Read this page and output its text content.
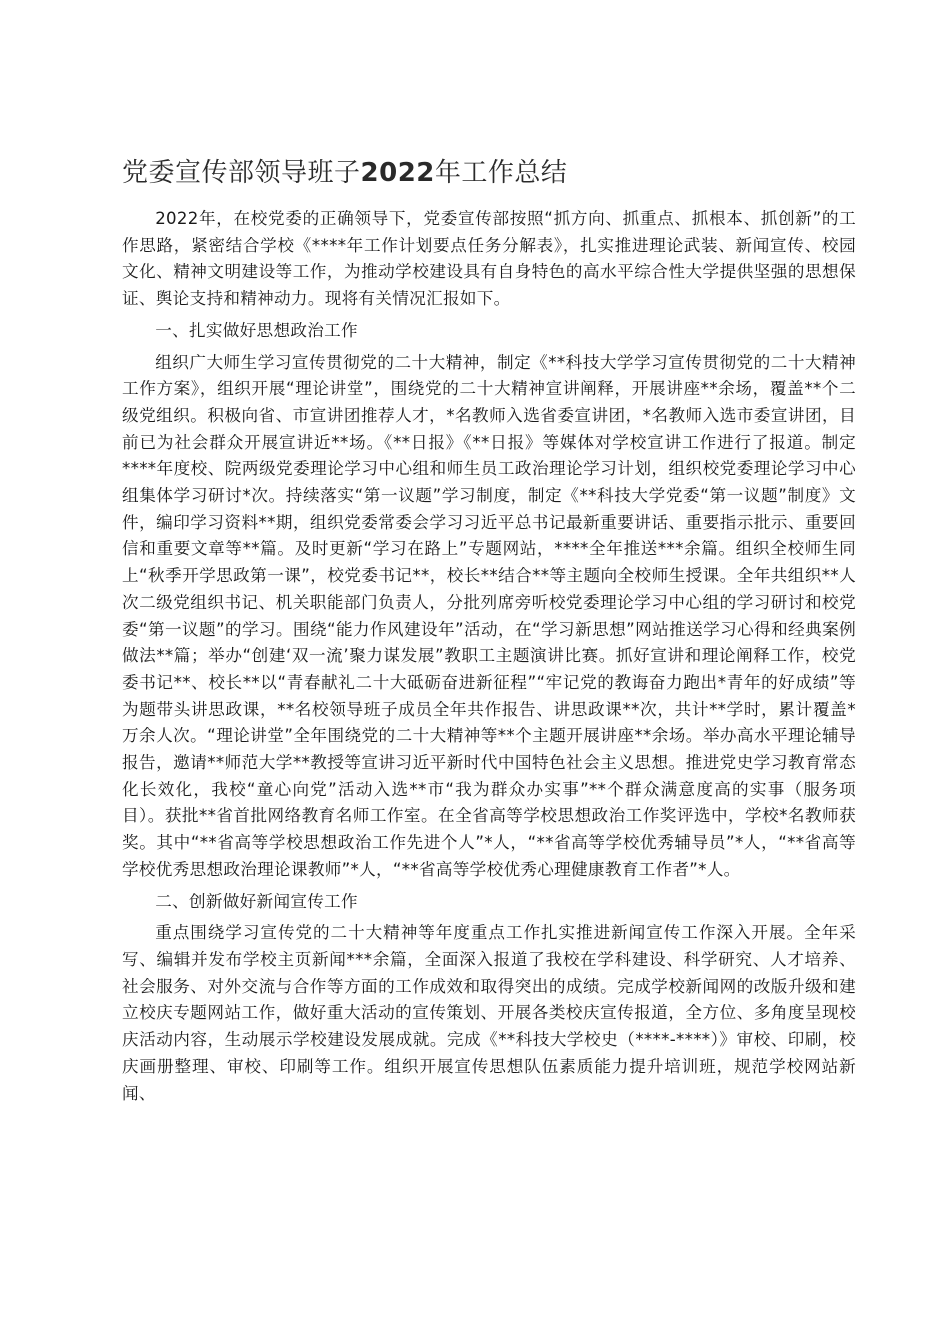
党委宣传部领导班子2022年工作总结

2022年，在校党委的正确领导下，党委宣传部按照“抓方向、抓重点、抓根本、抓创新”的工作思路，紧密结合学校《****年工作计划要点任务分解表》，扎实推进理论武装、新闻宣传、校园文化、精神文明建设等工作，为推动学校建设具有自身特色的高水平综合性大学提供坚强的思想保证、舆论支持和精神动力。现将有关情况汇报如下。

一、扎实做好思想政治工作

组织广大师生学习宣传贯彻党的二十大精神，制定《**科技大学学习宣传贯彻党的二十大精神工作方案》，组织开展“理论讲堂”，围绕党的二十大精神宣讲阐释，开展讲座**余场，覆盖**个二级党组织。积极向省、市宣讲团推荐人才，*名教师入选省委宣讲团，*名教师入选市委宣讲团，目前已为社会群众开展宣讲近**场。《**日报》《**日报》等媒体对学校宣讲工作进行了报道。制定****年度校、院两级党委理论学习中心组和师生员工政治理论学习计划，组织校党委理论学习中心组集体学习研讨*次。持续落实“第一议题”学习制度，制定《**科技大学党委“第一议题”制度》文件，编印学习资料**期，组织党委常委会学习习近平总书记最新重要讲话、重要指示批示、重要回信和重要文章等**篇。及时更新“学习在路上”专题网站，****全年推送***余篇。组织全校师生同上“秋季开学思政第一课”，校党委书记**，校长**结合**等主题向全校师生授课。全年共组织**人次二级党组织书记、机关职能部门负责人，分批列席旁听校党委理论学习中心组的学习研讨和校党委“第一议题”的学习。围绕“能力作风建设年”活动，在“学习新思想”网站推送学习心得和经典案例做法**篇；举办“创建‘双一流’聚力谋发展”教职工主题演讲比赛。抓好宣讲和理论阐释工作，校党委书记**、校长**以“青春献礼二十大砥砺奋进新征程”“牢记党的教诲奋力跑出*青年的好成绩”等为题带头讲思政课，**名校领导班子成员全年共作报告、讲思政课**次，共计**学时，累计覆盖*万余人次。“理论讲堂”全年围绕党的二十大精神等**个主题开展讲座**余场。举办高水平理论辅导报告，邀请**师范大学**教授等宣讲习近平新时代中国特色社会主义思想。推进党史学习教育常态化长效化，我校“童心向党”活动入选**市“我为群众办实事”**个群众满意度高的实事（服务项目）。获批**省首批网络教育名师工作室。在全省高等学校思想政治工作奖评选中，学校*名教师获奖。其中“**省高等学校思想政治工作先进个人”*人，“**省高等学校优秀辅导员”*人，“**省高等学校优秀思想政治理论课教师”*人，“**省高等学校优秀心理健康教育工作者”*人。

二、创新做好新闻宣传工作

重点围绕学习宣传党的二十大精神等年度重点工作扎实推进新闻宣传工作深入开展。全年采写、编辑并发布学校主页新闻***余篇，全面深入报道了我校在学科建设、科学研究、人才培养、社会服务、对外交流与合作等方面的工作成效和取得突出的成绩。完成学校新闻网的改版升级和建立校庆专题网站工作，做好重大活动的宣传策划、开展各类校庆宣传报道，全方位、多角度呈现校庆活动内容，生动展示学校建设发展成就。完成《**科技大学校史（****-****）》审校、印刷，校庆画册整理、审校、印刷等工作。组织开展宣传思想队伍素质能力提升培训班，规范学校网站新闻、
